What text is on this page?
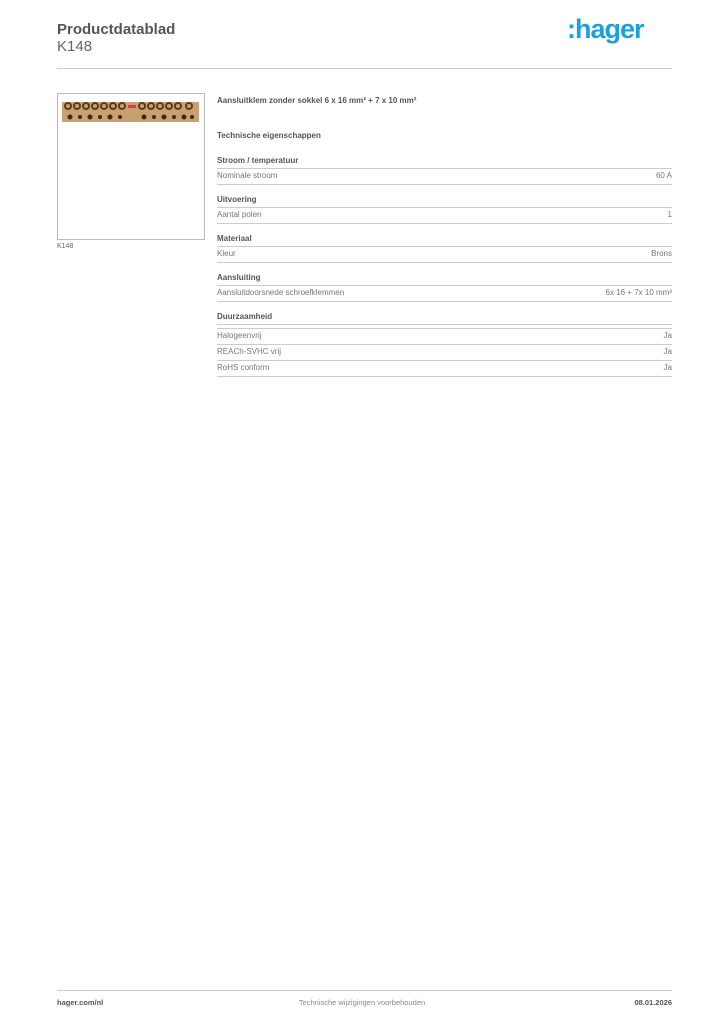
Productdatablad
K148
:hager
K148
Aansluitklem zonder sokkel 6 x 16 mm² + 7 x 10 mm²
Technische eigenschappen
Stroom / temperatuur
Nominale stroom	60 A
Uitvoering
Aantal polen	1
Materiaal
Kleur	Brons
Aansluiting
Aansluitdoorsnede schroefklemmen	6x 16 + 7x 10 mm²
Duurzaamheid
Halogeenvrij	Ja
REACh-SVHC vrij	Ja
RoHS conform	Ja
hager.com/nl	Technische wijzigingen voorbehouden	08.01.2026
